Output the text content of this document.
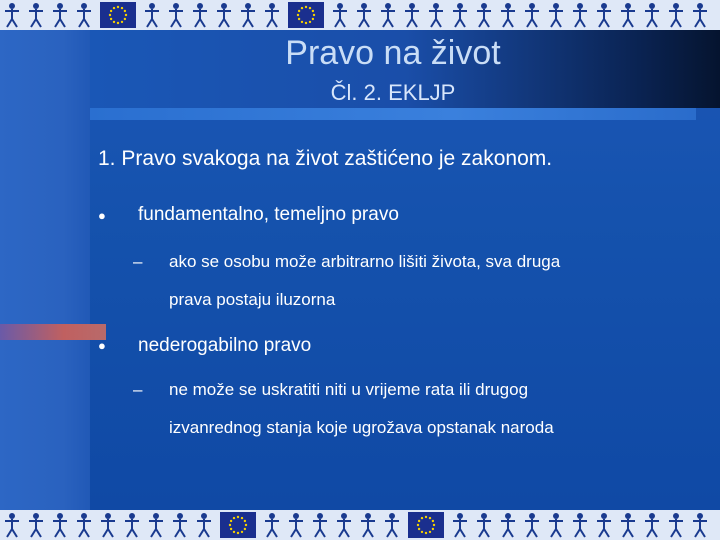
Pravo na život
Čl. 2. EKLJP
1. Pravo svakoga na život zaštićeno je zakonom.
● fundamentalno, temeljno pravo
– ako se osobu može arbitrarno lišiti života, sva druga
prava postaju iluzorna
● nederogabilno pravo
– ne može se uskratiti niti u vrijeme rata ili drugog
izvanrednog stanja koje ugrožava opstanak naroda
